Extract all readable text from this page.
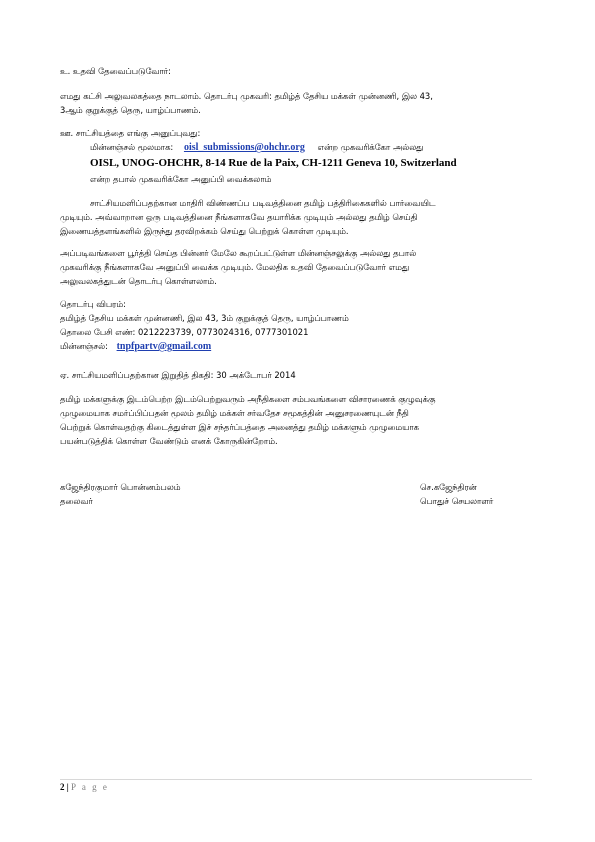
உ. உதவி தேவைப்படுவோர்:
எமது கட்சி அலுவலகத்தை நாடலாம். தொடர்பு முகவரி: தமிழ்த் தேசிய மக்கள் முன்னணி, இல 43,
3ஆம் குறுக்குத் தெரு, யாழ்ப்பாணம்.
ஊ. சாட்சியத்தை எங்கு அனுப்புவது:
மின்னஞ்சல் மூலமாக: oisl_submissions@ohchr.org என்ற முகவரிக்கோ அல்லது
OISL, UNOG-OHCHR, 8-14 Rue de la Paix, CH-1211 Geneva 10, Switzerland
என்ற தபால் முகவரிக்கோ அனுப்பி வைக்கலாம்
சாட்சியமளிப்பதற்கான மாதிரி விண்ணப்ப படிவத்தினை தமிழ் பத்திரிகைகளில் பார்வையிட
முடியும். அவ்வாறான ஒரு படிவத்தினை நீங்களாகவே தயாரிக்க முடியும் அல்லது தமிழ் செய்தி
இணையத்தளங்களில் இருந்து தரவிறக்கம் செய்து பெற்றுக் கொள்ள முடியும்.
அப்படிவங்களை பூர்த்தி செய்த பின்னர் மேலே கூறப்பட்டுள்ள மின்னஞ்சலுக்கு அல்லது தபால்
முகவரிக்கு நீங்களாகவே அனுப்பி வைக்க முடியும். மேலதிக உதவி தேவைப்படுவோர் எமது
அலுவலகத்துடன் தொடர்பு கொள்ளலாம்.
தொடர்பு விபரம்:
தமிழ்த் தேசிய மக்கள் முன்னணி, இல 43, 3ம் குறுக்குத் தெரு, யாழ்ப்பாணம்
தொலை பேசி எண்: 0212223739, 0773024316, 0777301021
மின்னஞ்சல்: tnpfpartv@gmail.com
ஏ. சாட்சியமளிப்பதற்கான இறுதித் திகதி: 30 அக்டோபர் 2014
தமிழ் மக்களுக்கு இடம்பெற்ற இடம்பெற்றுவரும் அநீதிகளை சம்பவங்களை விசாரணைக் குழுவுக்கு
முழுமையாக சமர்ப்பிப்பதன் மூலம் தமிழ் மக்கள் சர்வதேச சமூகத்தின் அனுசரணையுடன் நீதி
பெற்றுக் கொள்வதற்கு கிடைத்துள்ள இச் சந்தர்ப்பத்தை அனைத்து தமிழ் மக்களும் முழுமையாக
பயன்படுத்திக் கொள்ள வேண்டும் எனக் கோருகின்றோம்.
கஜேந்திரகுமார் பொன்னம்பலம்
தலைவர்
செ.கஜேந்திரன்
பொதுச் செயலாளர்
2 | P a g e
